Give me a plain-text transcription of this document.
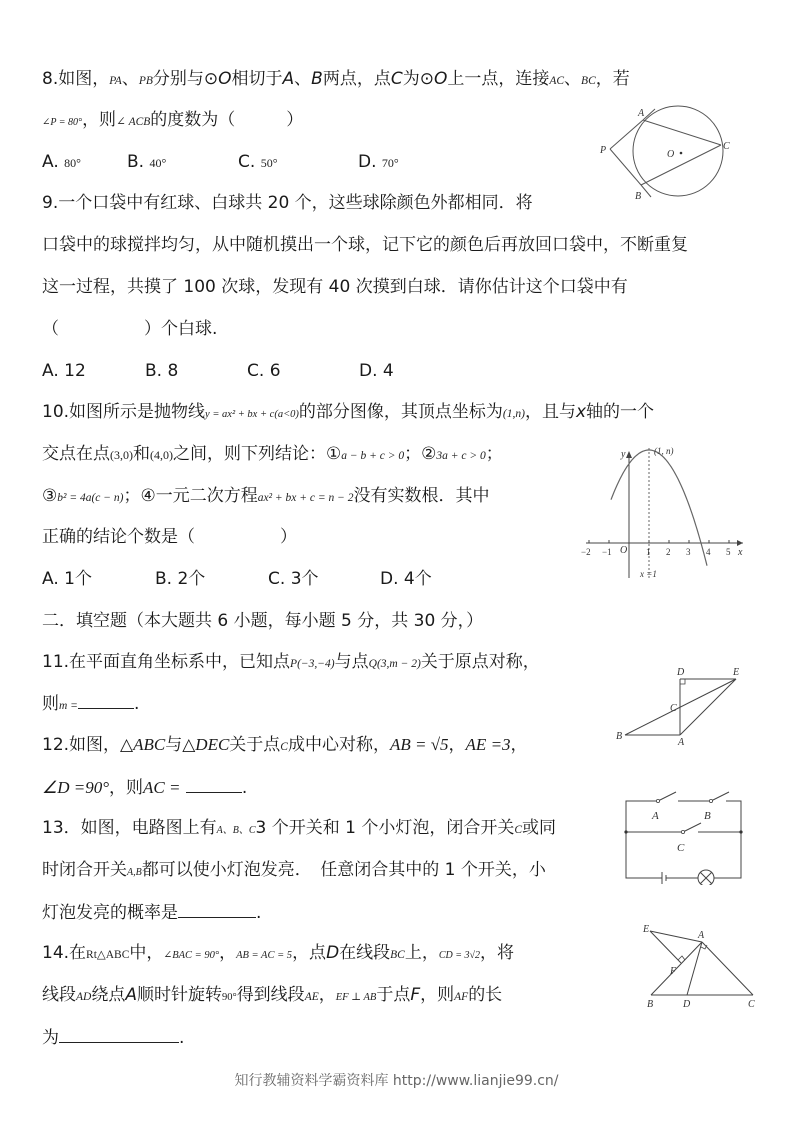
8.如图，PA、PB分别与⊙O相切于A、B两点，点C为⊙O上一点，连接AC、BC，若
∠P = 80°，则∠ ACB的度数为（　　　）
A. 80°	B. 40°	C. 50°	D. 70°
A
B
C
P	O
9.一个口袋中有红球、白球共 20 个，这些球除颜色外都相同．将
口袋中的球搅拌均匀，从中随机摸出一个球，记下它的颜色后再放回口袋中，不断重复
这一过程，共摸了 100 次球，发现有 40 次摸到白球．请你估计这个口袋中有
（　　　　　）个白球.
A. 12	B. 8	C. 6	D. 4
10.如图所示是抛物线y = ax² + bx + c(a<0)的部分图像，其顶点坐标为(1,n)，且与x轴的一个
交点在点(3,0)和(4,0)之间，则下列结论：①a − b + c > 0；②3a + c > 0；
③b² = 4a(c − n)；④一元二次方程ax² + bx + c = n − 2没有实数根．其中
正确的结论个数是（　　　　　）
A. 1个	B. 2个	C. 3个	D. 4个
−2 −1	1 2 3 4 5
O
y
x
(1, n)
x =1
二．填空题（本大题共 6 小题，每小题 5 分，共 30 分，）
11.在平面直角坐标系中，已知点P(−3,−4)与点Q(3,m − 2)关于原点对称，
则m =	.
12.如图，△ABC与△DEC关于点C成中心对称，AB = √5，AE =3，
∠D =90°，则AC =	.
D	E
C
B
A
13．如图，电路图上有A、B、C3 个开关和 1 个小灯泡，闭合开关C或同
时闭合开关A,B都可以使小灯泡发亮．　任意闭合其中的 1 个开关，小
灯泡发亮的概率是	.
A	B
C
14.在Rt△ABC中，∠BAC = 90°，AB = AC = 5，点D在线段BC上，CD = 3√2，将
线段AD绕点A顺时针旋转90°得到线段AE，EF ⊥ AB于点F，则AF的长
为	.
E
A
F
B	D	C
知行教辅资料学霸资料库 http://www.lianjie99.cn/
